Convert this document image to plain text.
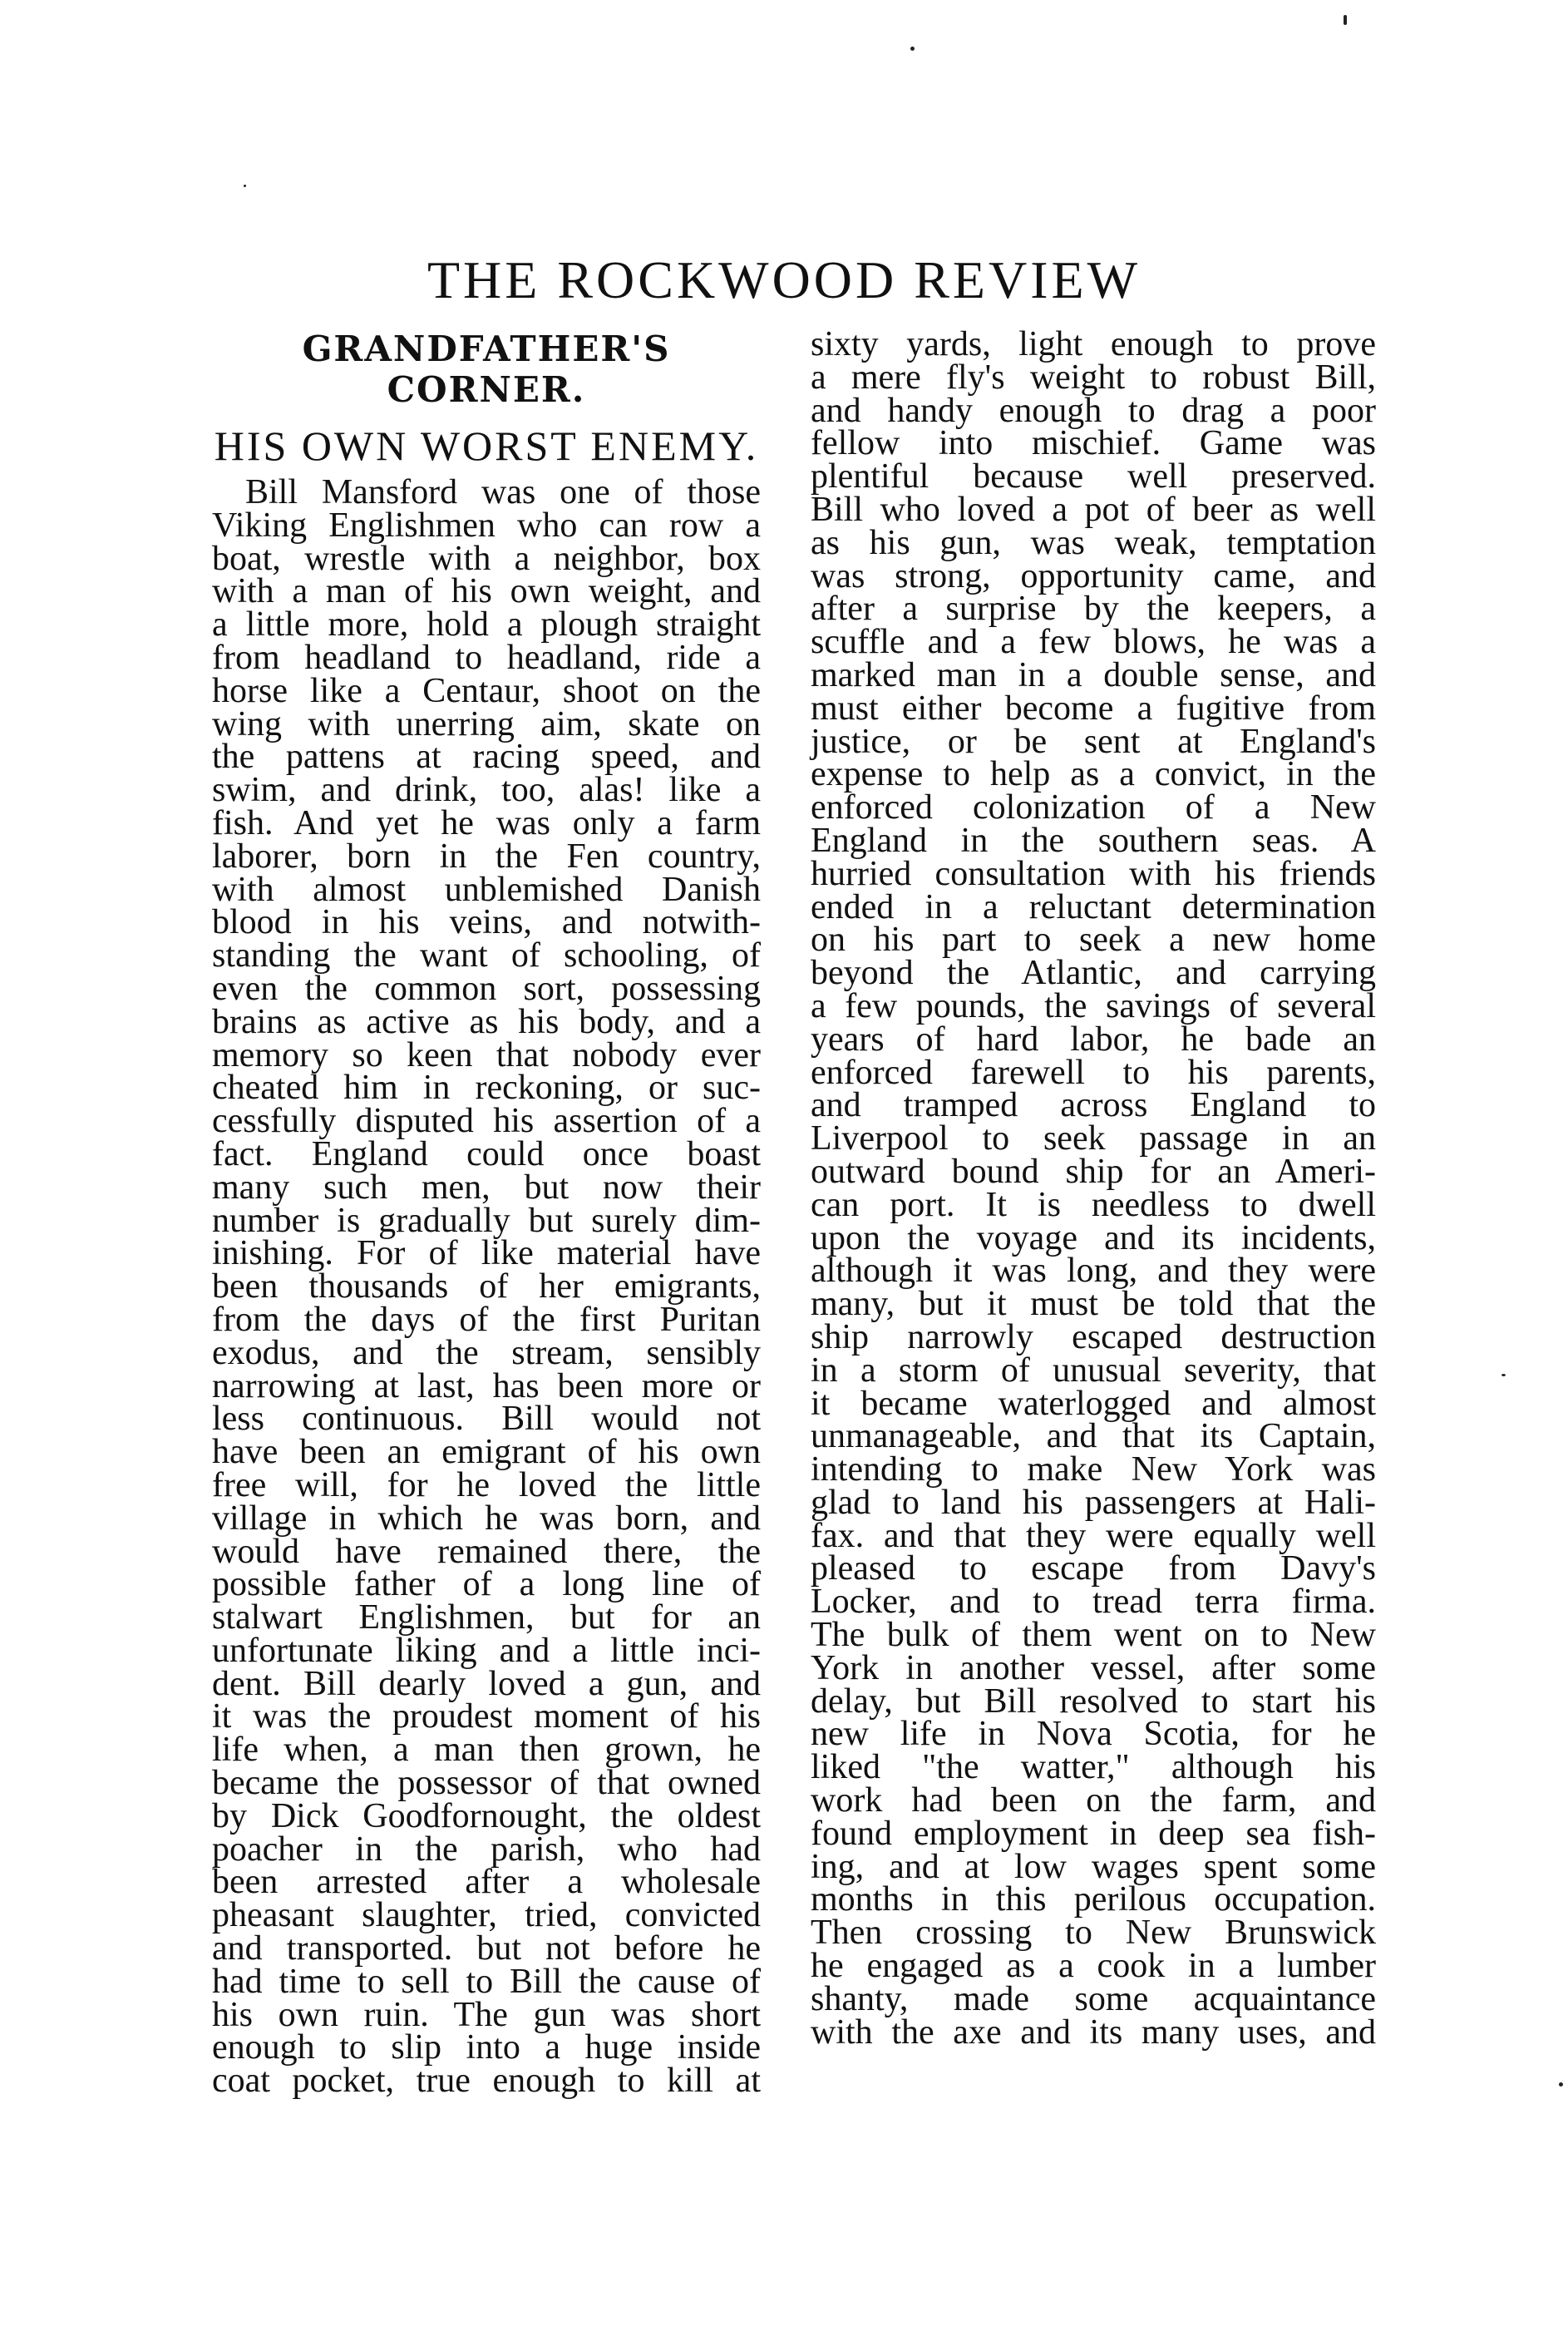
THE ROCKWOOD REVIEW
GRANDFATHER'S CORNER.
HIS OWN WORST ENEMY.
Bill Mansford was one of those
Viking Englishmen who can row a
boat, wrestle with a neighbor, box
with a man of his own weight, and
a little more, hold a plough straight
from headland to headland, ride a
horse like a Centaur, shoot on the
wing with unerring aim, skate on
the pattens at racing speed, and
swim, and drink, too, alas! like a
fish. And yet he was only a farm
laborer, born in the Fen country,
with almost unblemished Danish
blood in his veins, and notwith-
standing the want of schooling, of
even the common sort, possessing
brains as active as his body, and a
memory so keen that nobody ever
cheated him in reckoning, or suc-
cessfully disputed his assertion of a
fact. England could once boast
many such men, but now their
number is gradually but surely dim-
inishing. For of like material have
been thousands of her emigrants,
from the days of the first Puritan
exodus, and the stream, sensibly
narrowing at last, has been more or
less continuous. Bill would not
have been an emigrant of his own
free will, for he loved the little
village in which he was born, and
would have remained there, the
possible father of a long line of
stalwart Englishmen, but for an
unfortunate liking and a little inci-
dent. Bill dearly loved a gun, and
it was the proudest moment of his
life when, a man then grown, he
became the possessor of that owned
by Dick Goodfornought, the oldest
poacher in the parish, who had
been arrested after a wholesale
pheasant slaughter, tried, convicted
and transported. but not before he
had time to sell to Bill the cause of
his own ruin. The gun was short
enough to slip into a huge inside
coat pocket, true enough to kill at
sixty yards, light enough to prove
a mere fly's weight to robust Bill,
and handy enough to drag a poor
fellow into mischief. Game was
plentiful because well preserved.
Bill who loved a pot of beer as well
as his gun, was weak, temptation
was strong, opportunity came, and
after a surprise by the keepers, a
scuffle and a few blows, he was a
marked man in a double sense, and
must either become a fugitive from
justice, or be sent at England's
expense to help as a convict, in the
enforced colonization of a New
England in the southern seas. A
hurried consultation with his friends
ended in a reluctant determination
on his part to seek a new home
beyond the Atlantic, and carrying
a few pounds, the savings of several
years of hard labor, he bade an
enforced farewell to his parents,
and tramped across England to
Liverpool to seek passage in an
outward bound ship for an Ameri-
can port. It is needless to dwell
upon the voyage and its incidents,
although it was long, and they were
many, but it must be told that the
ship narrowly escaped destruction
in a storm of unusual severity, that
it became waterlogged and almost
unmanageable, and that its Captain,
intending to make New York was
glad to land his passengers at Hali-
fax. and that they were equally well
pleased to escape from Davy's
Locker, and to tread terra firma.
The bulk of them went on to New
York in another vessel, after some
delay, but Bill resolved to start his
new life in Nova Scotia, for he
liked "the watter," although his
work had been on the farm, and
found employment in deep sea fish-
ing, and at low wages spent some
months in this perilous occupation.
Then crossing to New Brunswick
he engaged as a cook in a lumber
shanty, made some acquaintance
with the axe and its many uses, and
